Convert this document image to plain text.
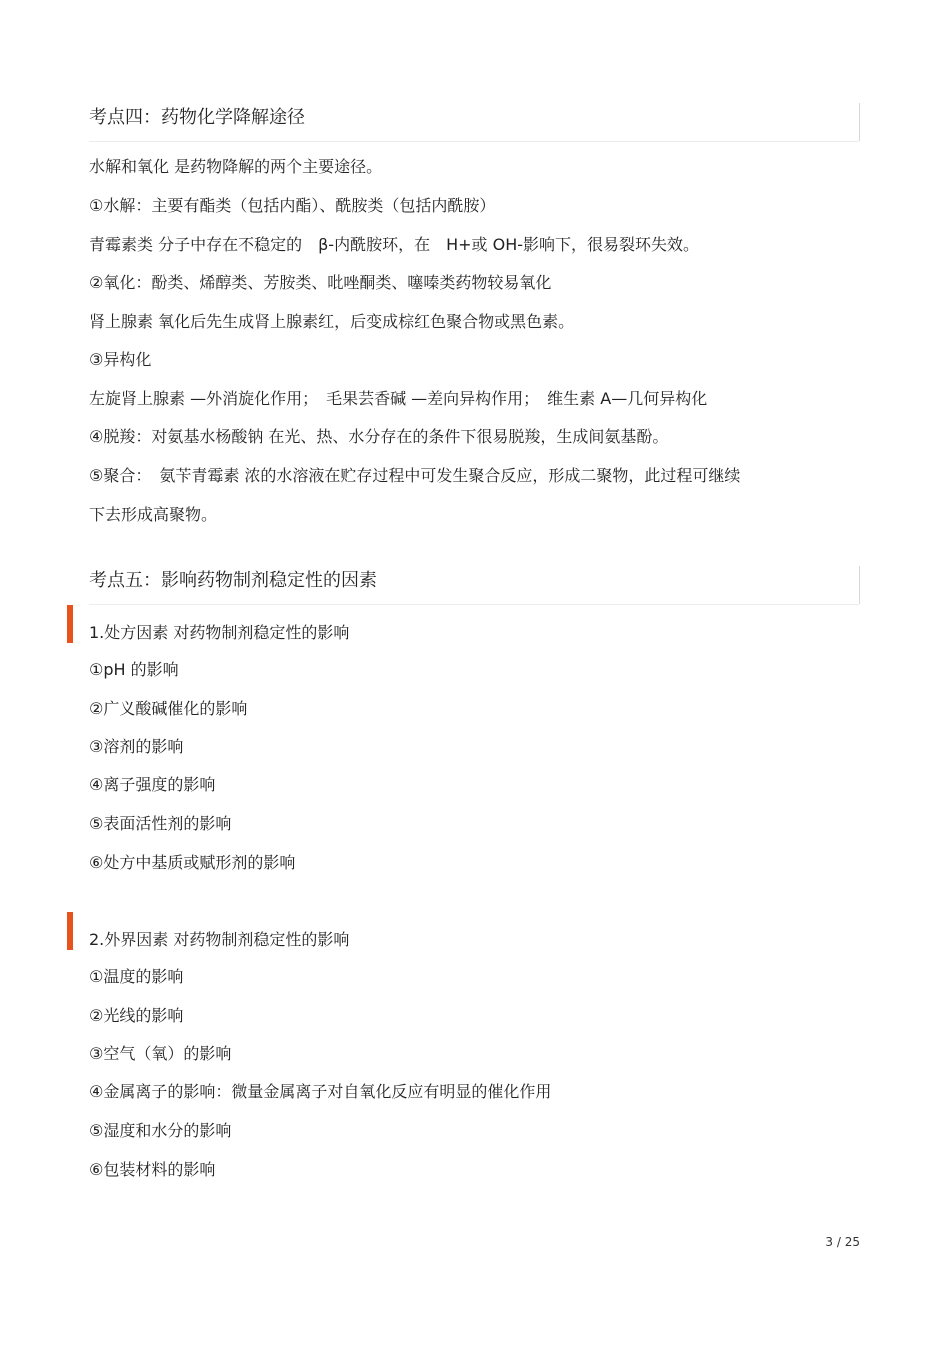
考点四：药物化学降解途径
水解和氧化 是药物降解的两个主要途径。
①水解：主要有酯类（包括内酯）、酰胺类（包括内酰胺）
青霉素类 分子中存在不稳定的　β-内酰胺环，在　H+或 OH-影响下，很易裂环失效。
②氧化：酚类、烯醇类、芳胺类、吡唑酮类、噻嗪类药物较易氧化
肾上腺素 氧化后先生成肾上腺素红，后变成棕红色聚合物或黑色素。
③异构化
左旋肾上腺素 —外消旋化作用；　毛果芸香碱 —差向异构作用；　维生素 A—几何异构化
④脱羧：对氨基水杨酸钠 在光、热、水分存在的条件下很易脱羧，生成间氨基酚。
⑤聚合：　氨苄青霉素 浓的水溶液在贮存过程中可发生聚合反应，形成二聚物，此过程可继续
下去形成高聚物。
考点五：影响药物制剂稳定性的因素
1.处方因素 对药物制剂稳定性的影响
①pH 的影响
②广义酸碱催化的影响
③溶剂的影响
④离子强度的影响
⑤表面活性剂的影响
⑥处方中基质或赋形剂的影响
2.外界因素 对药物制剂稳定性的影响
①温度的影响
②光线的影响
③空气（氧）的影响
④金属离子的影响：微量金属离子对自氧化反应有明显的催化作用
⑤湿度和水分的影响
⑥包装材料的影响
3 / 25
